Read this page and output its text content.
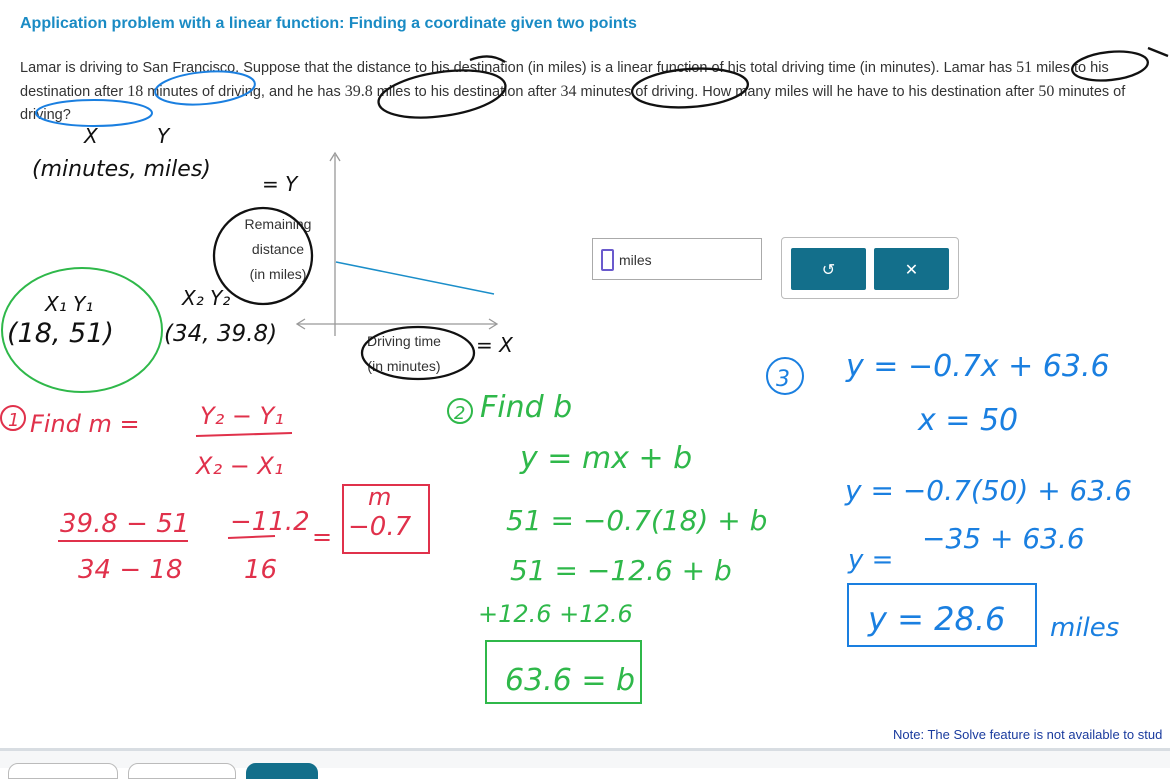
Application problem with a linear function: Finding a coordinate given two points

Lamar is driving to San Francisco. Suppose that the distance to his destination (in miles) is a linear function of his total driving time (in minutes). Lamar has 51 miles to his destination after 18 minutes of driving, and he has 39.8 miles to his destination after 34 minutes of driving. How many miles will he have to his destination after 50 minutes of driving?

Remaining
distance
(in miles)
Driving time
(in minutes)
miles	↺	✕
X	Y
(minutes, miles)
= Y
= X
X₁ Y₁	X₂ Y₂
(18, 51) (34, 39.8)
1 Find m =	Y₂ − Y₁
X₂ − X₁
39.8 − 51
34 − 18
−11.2
16
=
m
−0.7
2 Find b
y = mx + b
51 = −0.7(18) + b
51 = −12.6 + b
+12.6 +12.6
63.6 = b
3 y = −0.7x + 63.6
x = 50
y = −0.7(50) + 63.6
y =
−35 + 63.6
y = 28.6 miles
Note: The Solve feature is not available to stud
